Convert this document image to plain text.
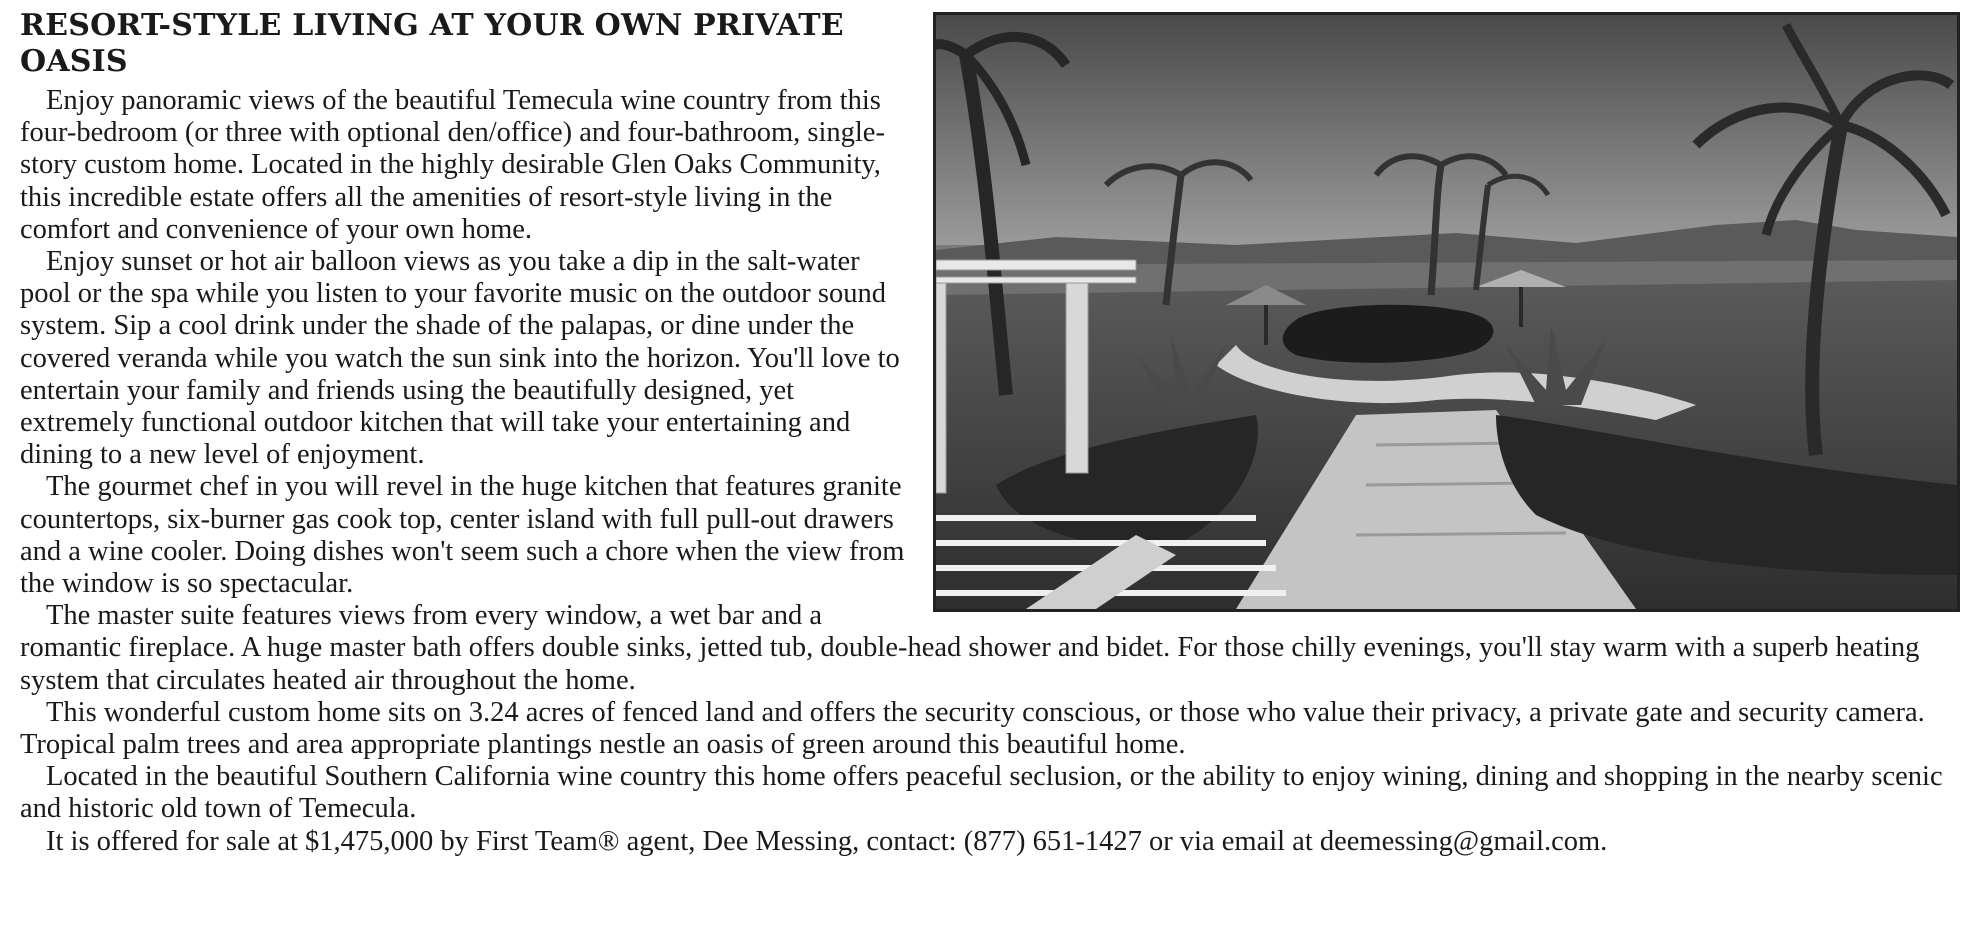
RESORT-STYLE LIVING AT YOUR OWN PRIVATE OASIS

Enjoy panoramic views of the beautiful Temecula wine country from this four-bedroom (or three with optional den/office) and four-bathroom, single-story custom home. Located in the highly desirable Glen Oaks Community, this incredible estate offers all the amenities of resort-style living in the comfort and convenience of your own home.

Enjoy sunset or hot air balloon views as you take a dip in the salt-water pool or the spa while you listen to your favorite music on the outdoor sound system. Sip a cool drink under the shade of the palapas, or dine under the covered veranda while you watch the sun sink into the horizon. You'll love to entertain your family and friends using the beautifully designed, yet extremely functional outdoor kitchen that will take your entertaining and dining to a new level of enjoyment.

The gourmet chef in you will revel in the huge kitchen that features granite countertops, six-burner gas cook top, center island with full pull-out drawers and a wine cooler. Doing dishes won't seem such a chore when the view from the window is so spectacular.

The master suite features views from every window, a wet bar and a romantic fireplace. A huge master bath offers double sinks, jetted tub, double-head shower and bidet. For those chilly evenings, you'll stay warm with a superb heating system that circulates heated air throughout the home.

This wonderful custom home sits on 3.24 acres of fenced land and offers the security conscious, or those who value their privacy, a private gate and security camera. Tropical palm trees and area appropriate plantings nestle an oasis of green around this beautiful home.

Located in the beautiful Southern California wine country this home offers peaceful seclusion, or the ability to enjoy wining, dining and shopping in the nearby scenic and historic old town of Temecula.

It is offered for sale at $1,475,000 by First Team® agent, Dee Messing, contact: (877) 651-1427 or via email at deemessing@gmail.com.
